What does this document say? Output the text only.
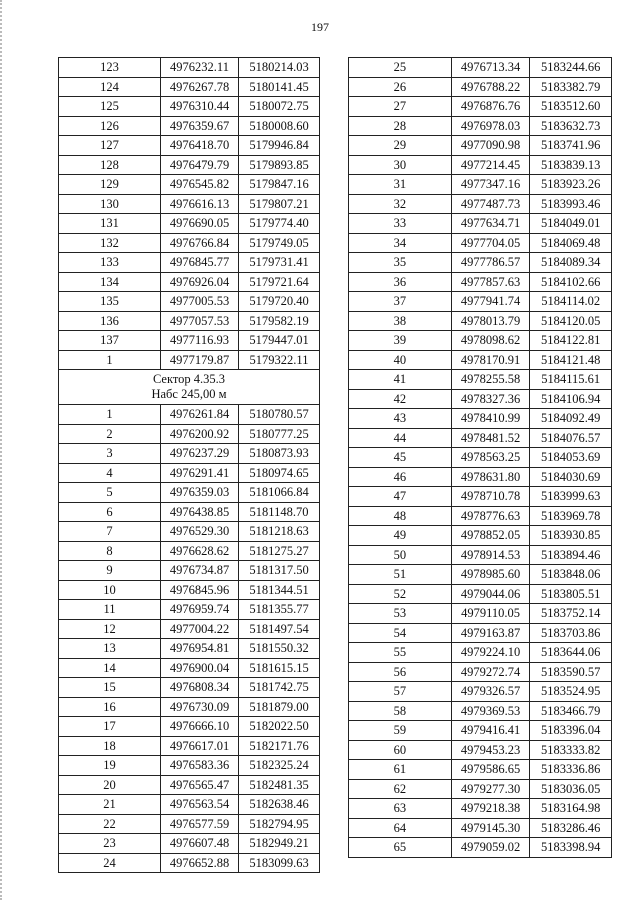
197
123	4976232.11	5180214.03
124	4976267.78	5180141.45
125	4976310.44	5180072.75
126	4976359.67	5180008.60
127	4976418.70	5179946.84
128	4976479.79	5179893.85
129	4976545.82	5179847.16
130	4976616.13	5179807.21
131	4976690.05	5179774.40
132	4976766.84	5179749.05
133	4976845.77	5179731.41
134	4976926.04	5179721.64
135	4977005.53	5179720.40
136	4977057.53	5179582.19
137	4977116.93	5179447.01
1	4977179.87	5179322.11

Сектор 4.35.3
Набс 245,00 м		

1	4976261.84	5180780.57
2	4976200.92	5180777.25
3	4976237.29	5180873.93
4	4976291.41	5180974.65
5	4976359.03	5181066.84
6	4976438.85	5181148.70
7	4976529.30	5181218.63
8	4976628.62	5181275.27
9	4976734.87	5181317.50
10	4976845.96	5181344.51
11	4976959.74	5181355.77
12	4977004.22	5181497.54
13	4976954.81	5181550.32
14	4976900.04	5181615.15
15	4976808.34	5181742.75
16	4976730.09	5181879.00
17	4976666.10	5182022.50
18	4976617.01	5182171.76
19	4976583.36	5182325.24
20	4976565.47	5182481.35
21	4976563.54	5182638.46
22	4976577.59	5182794.95
23	4976607.48	5182949.21
24	4976652.88	5183099.63
25	4976713.34	5183244.66
26	4976788.22	5183382.79
27	4976876.76	5183512.60
28	4976978.03	5183632.73
29	4977090.98	5183741.96
30	4977214.45	5183839.13
31	4977347.16	5183923.26
32	4977487.73	5183993.46
33	4977634.71	5184049.01
34	4977704.05	5184069.48
35	4977786.57	5184089.34
36	4977857.63	5184102.66
37	4977941.74	5184114.02
38	4978013.79	5184120.05
39	4978098.62	5184122.81
40	4978170.91	5184121.48
41	4978255.58	5184115.61
42	4978327.36	5184106.94
43	4978410.99	5184092.49
44	4978481.52	5184076.57
45	4978563.25	5184053.69
46	4978631.80	5184030.69
47	4978710.78	5183999.63
48	4978776.63	5183969.78
49	4978852.05	5183930.85
50	4978914.53	5183894.46
51	4978985.60	5183848.06
52	4979044.06	5183805.51
53	4979110.05	5183752.14
54	4979163.87	5183703.86
55	4979224.10	5183644.06
56	4979272.74	5183590.57
57	4979326.57	5183524.95
58	4979369.53	5183466.79
59	4979416.41	5183396.04
60	4979453.23	5183333.82
61	4979586.65	5183336.86
62	4979277.30	5183036.05
63	4979218.38	5183164.98
64	4979145.30	5183286.46
65	4979059.02	5183398.94
